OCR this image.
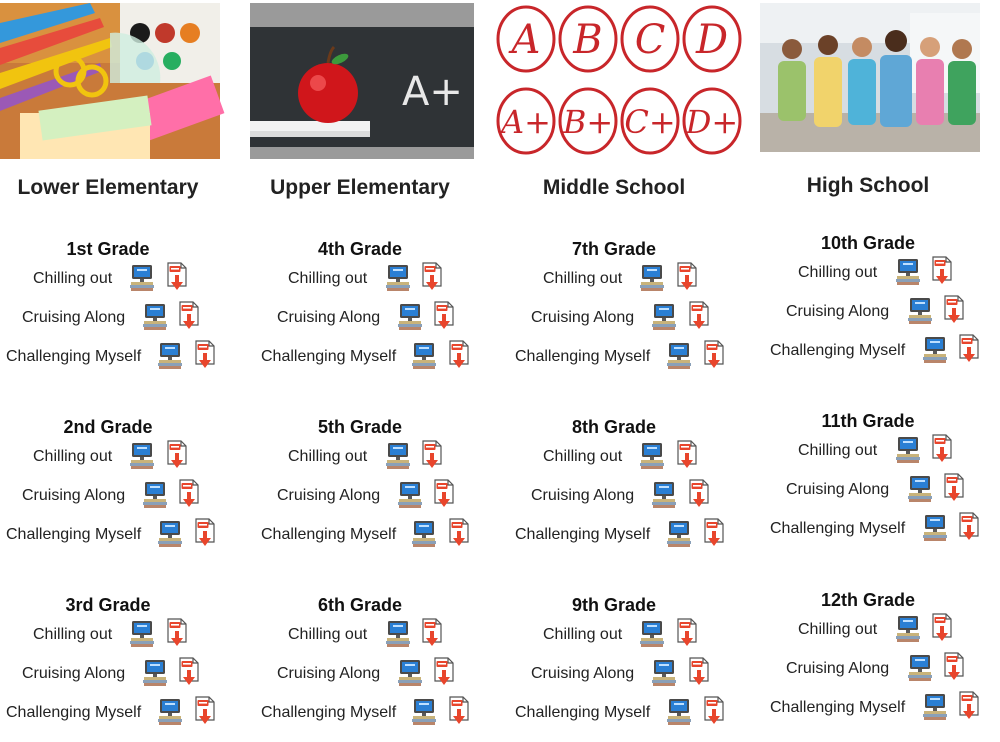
Lower Elementary
1st Grade
Chilling out
Cruising Along
Challenging Myself
2nd Grade
Chilling out
Cruising Along
Challenging Myself
3rd Grade
Chilling out
Cruising Along
Challenging Myself
A+
Upper Elementary
4th Grade
Chilling out
Cruising Along
Challenging Myself
5th Grade
Chilling out
Cruising Along
Challenging Myself
6th Grade
Chilling out
Cruising Along
Challenging Myself
A B C D
A+ B+ C+ D+
Middle School
7th Grade
Chilling out
Cruising Along
Challenging Myself
8th Grade
Chilling out
Cruising Along
Challenging Myself
9th Grade
Chilling out
Cruising Along
Challenging Myself
High School
10th Grade
Chilling out
Cruising Along
Challenging Myself
11th Grade
Chilling out
Cruising Along
Challenging Myself
12th Grade
Chilling out
Cruising Along
Challenging Myself
